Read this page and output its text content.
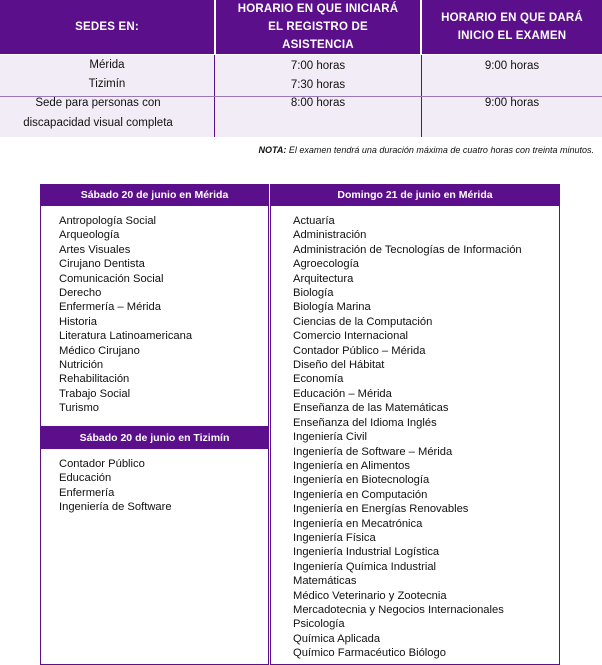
SEDES EN:
HORARIO EN QUE INICIARÁ
EL REGISTRO DE
ASISTENCIA
HORARIO EN QUE DARÁ
INICIO EL EXAMEN
Mérida
Tizimín
7:00 horas
7:30 horas
9:00 horas
Sede para personas con
discapacidad visual completa
8:00 horas	9:00 horas
NOTA: El examen tendrá una duración máxima de cuatro horas con treinta minutos.
Sábado 20 de junio en Mérida
Antropología Social
Arqueología
Artes Visuales
Cirujano Dentista
Comunicación Social
Derecho
Enfermería – Mérida
Historia
Literatura Latinoamericana
Médico Cirujano
Nutrición
Rehabilitación
Trabajo Social
Turismo
Sábado 20 de junio en Tizimín
Contador Público
Educación
Enfermería
Ingeniería de Software
Domingo 21 de junio en Mérida
Actuaría
Administración
Administración de Tecnologías de Información
Agroecología
Arquitectura
Biología
Biología Marina
Ciencias de la Computación
Comercio Internacional
Contador Público – Mérida
Diseño del Hábitat
Economía
Educación – Mérida
Enseñanza de las Matemáticas
Enseñanza del Idioma Inglés
Ingeniería Civil
Ingeniería de Software – Mérida
Ingeniería en Alimentos
Ingeniería en Biotecnología
Ingeniería en Computación
Ingeniería en Energías Renovables
Ingeniería en Mecatrónica
Ingeniería Física
Ingeniería Industrial Logística
Ingeniería Química Industrial
Matemáticas
Médico Veterinario y Zootecnia
Mercadotecnia y Negocios Internacionales
Psicología
Química Aplicada
Químico Farmacéutico Biólogo
